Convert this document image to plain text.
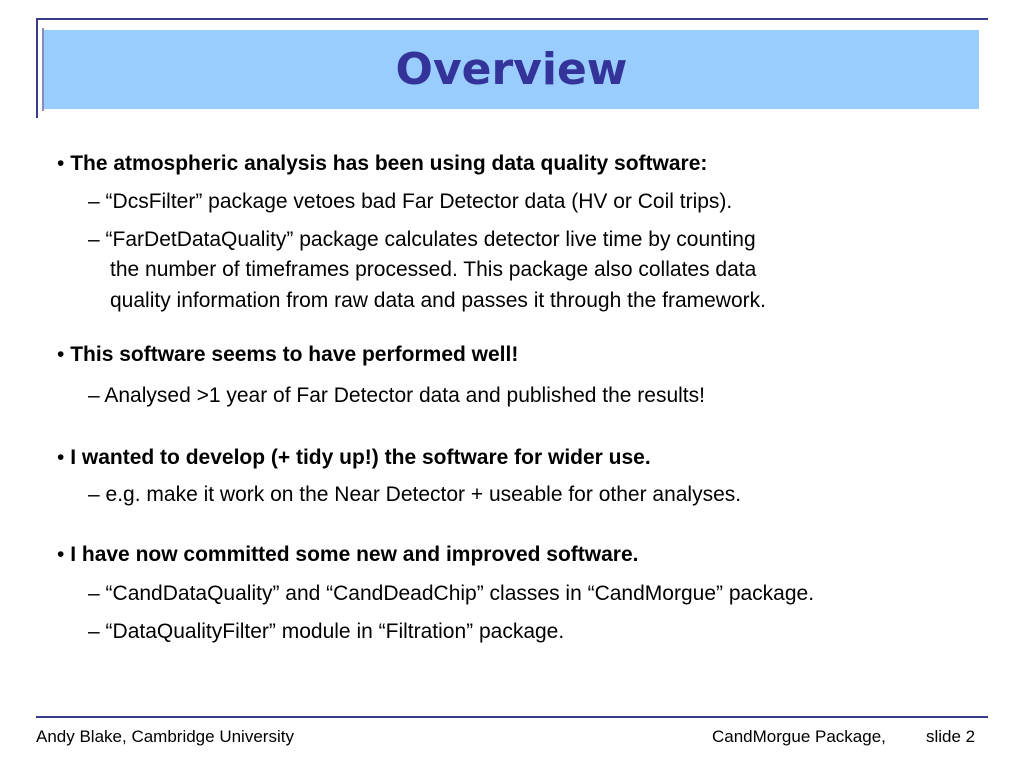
Overview
• The atmospheric analysis has been using data quality software:
– “DcsFilter” package vetoes bad Far Detector data (HV or Coil trips).
– “FarDetDataQuality” package calculates detector live time by counting
the number of timeframes processed. This package also collates data
quality information from raw data and passes it through the framework.
• This software seems to have performed well!
– Analysed >1 year of Far Detector data and published the results!
• I wanted to develop (+ tidy up!) the software for wider use.
– e.g. make it work on the Near Detector + useable for other analyses.
• I have now committed some new and improved software.
– “CandDataQuality” and “CandDeadChip” classes in “CandMorgue” package.
– “DataQualityFilter” module in “Filtration” package.
Andy Blake, Cambridge University	CandMorgue Package, slide 2
